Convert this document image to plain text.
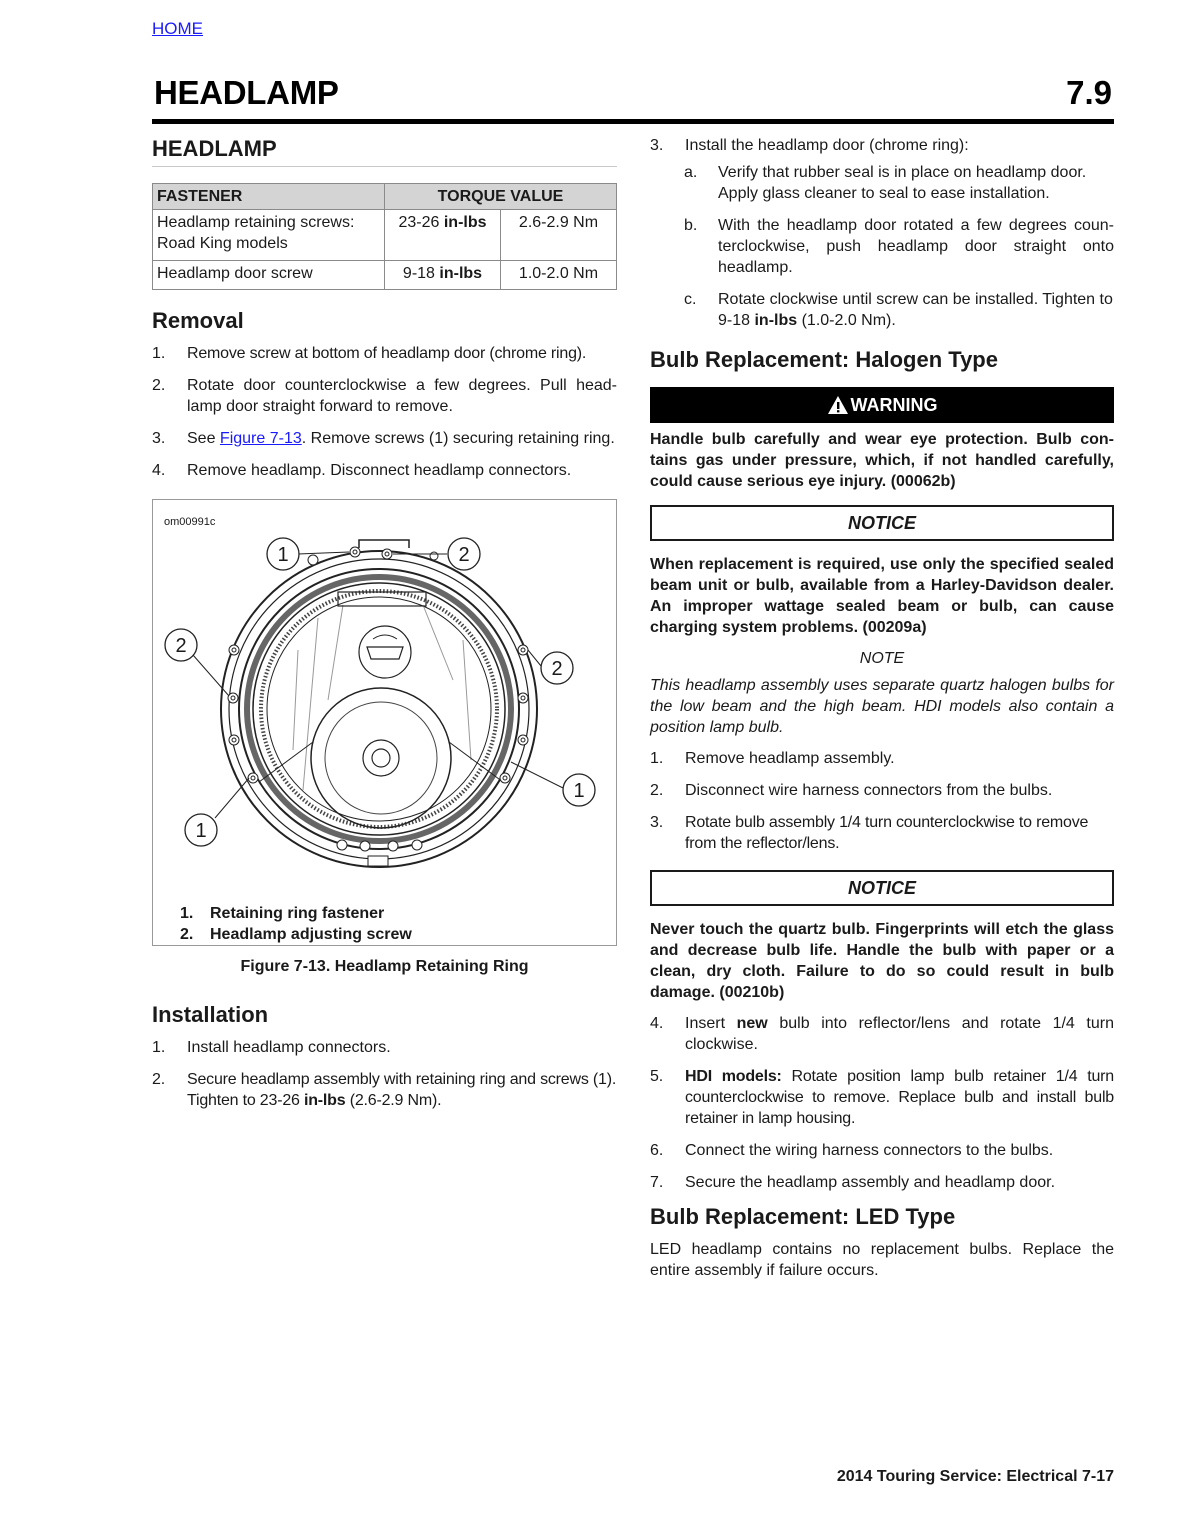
HOME
HEADLAMP	7.9
HEADLAMP
FASTENER	TORQUE VALUE	
Headlamp retaining screws: Road King models	23-26 in-lbs	2.6-2.9 Nm
Headlamp door screw	9-18 in-lbs	1.0-2.0 Nm
Removal
1. Remove screw at bottom of headlamp door (chrome ring).
2. Rotate door counterclockwise a few degrees. Pull head-lamp door straight forward to remove.
3. See Figure 7-13. Remove screws (1) securing retaining ring.
4. Remove headlamp. Disconnect headlamp connectors.
om00991c
1	2
2
2
1
1
1. Retaining ring fastener
2. Headlamp adjusting screw
Figure 7-13. Headlamp Retaining Ring
Installation
1. Install headlamp connectors.
2. Secure headlamp assembly with retaining ring and screws (1). Tighten to 23-26 in-lbs (2.6-2.9 Nm).
3. Install the headlamp door (chrome ring):
a. Verify that rubber seal is in place on headlamp door. Apply glass cleaner to seal to ease installation.
b. With the headlamp door rotated a few degrees coun-terclockwise, push headlamp door straight onto headlamp.
c. Rotate clockwise until screw can be installed. Tighten to 9-18 in-lbs (1.0-2.0 Nm).
Bulb Replacement: Halogen Type
WARNING
Handle bulb carefully and wear eye protection. Bulb con-tains gas under pressure, which, if not handled carefully, could cause serious eye injury. (00062b)
NOTICE
When replacement is required, use only the specified sealed beam unit or bulb, available from a Harley-Davidson dealer. An improper wattage sealed beam or bulb, can cause charging system problems. (00209a)
NOTE
This headlamp assembly uses separate quartz halogen bulbs for the low beam and the high beam. HDI models also contain a position lamp bulb.
1. Remove headlamp assembly.
2. Disconnect wire harness connectors from the bulbs.
3. Rotate bulb assembly 1/4 turn counterclockwise to remove from the reflector/lens.
NOTICE
Never touch the quartz bulb. Fingerprints will etch the glass and decrease bulb life. Handle the bulb with paper or a clean, dry cloth. Failure to do so could result in bulb damage. (00210b)
4. Insert new bulb into reflector/lens and rotate 1/4 turn clockwise.
5. HDI models: Rotate position lamp bulb retainer 1/4 turn counterclockwise to remove. Replace bulb and install bulb retainer in lamp housing.
6. Connect the wiring harness connectors to the bulbs.
7. Secure the headlamp assembly and headlamp door.
Bulb Replacement: LED Type
LED headlamp contains no replacement bulbs. Replace the entire assembly if failure occurs.
2014 Touring Service: Electrical 7-17
